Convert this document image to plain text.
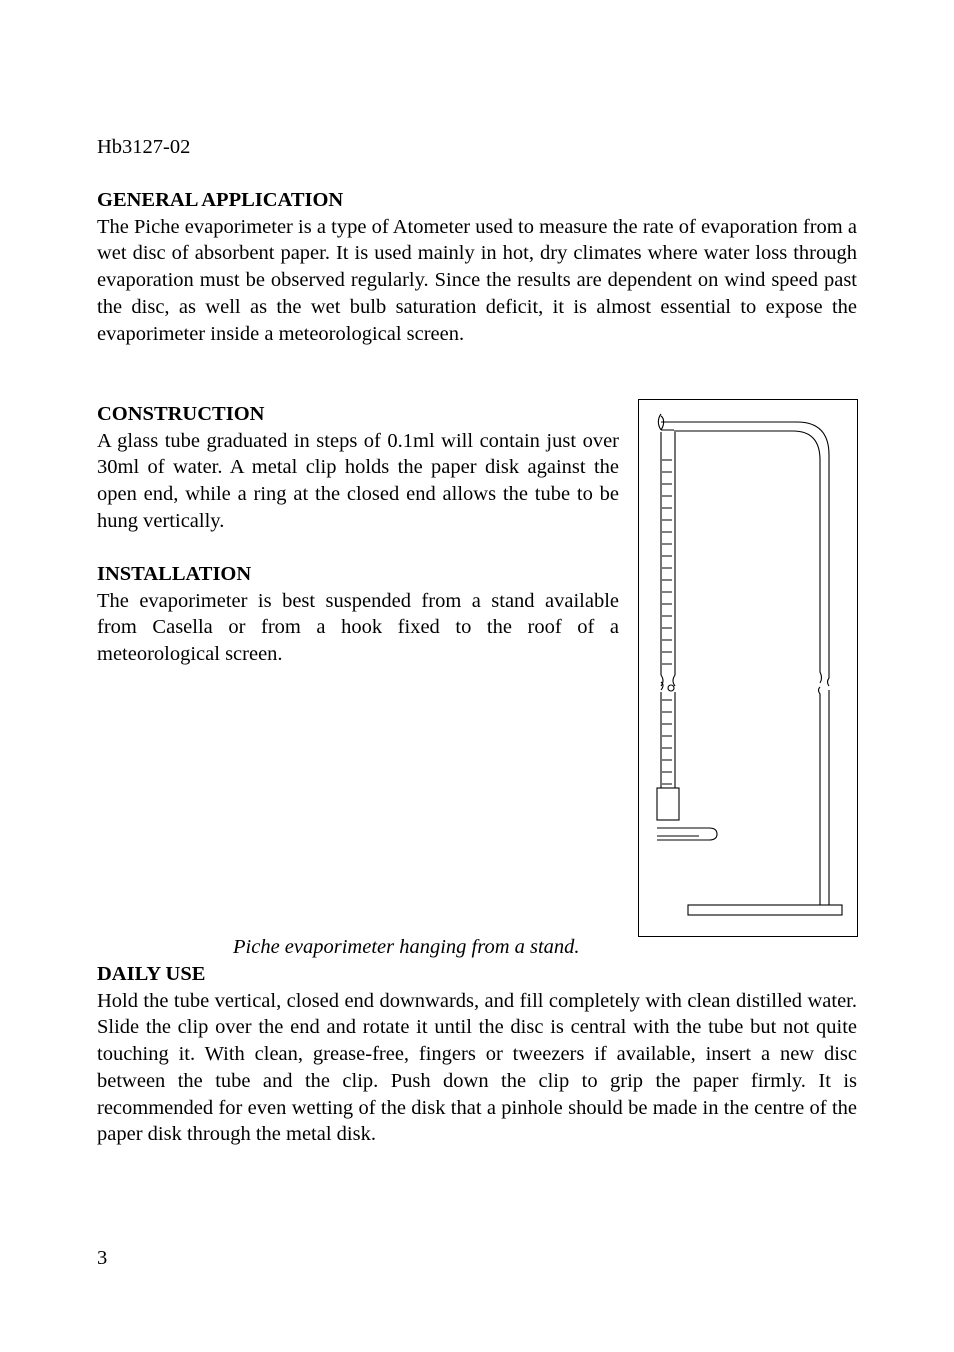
Hb3127-02

GENERAL APPLICATION

The Piche evaporimeter is a type of Atometer used to measure the rate of evaporation from a wet disc of absorbent paper. It is used mainly in hot, dry climates where water loss through evaporation must be observed regularly. Since the results are dependent on wind speed past the disc, as well as the wet bulb saturation deficit, it is almost essential to expose the evaporimeter inside a meteorological screen.

CONSTRUCTION

A glass tube graduated in steps of 0.1ml will contain just over 30ml of water. A metal clip holds the paper disk against the open end, while a ring at the closed end allows the tube to be hung vertically.

INSTALLATION

The evaporimeter is best suspended from a stand available from Casella or from a hook fixed to the roof of a meteorological screen.

Piche evaporimeter hanging from a stand.

DAILY USE

Hold the tube vertical, closed end downwards, and fill completely with clean distilled water. Slide the clip over the end and rotate it until the disc is central with the tube but not quite touching it. With clean, grease-free, fingers or tweezers if available, insert a new disc between the tube and the clip. Push down the clip to grip the paper firmly. It is recommended for even wetting of the disk that a pinhole should be made in the centre of the paper disk through the metal disk.

3
